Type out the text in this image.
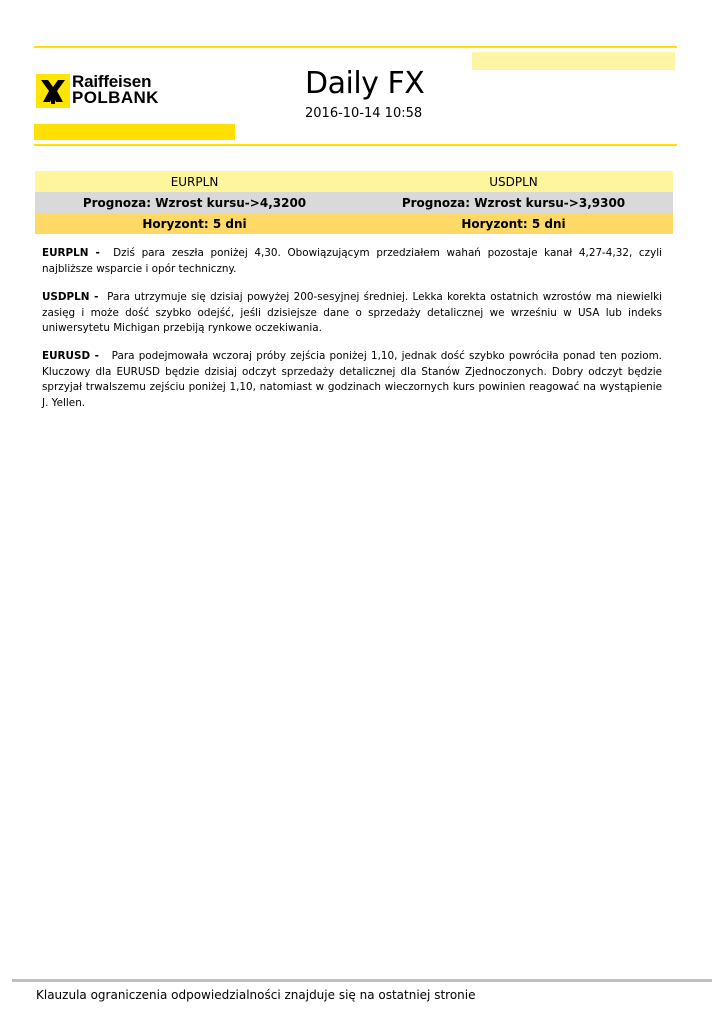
Raiffeisen
POLBANK	Daily FX
2016-10-14 10:58
EURPLN	USDPLN
Prognoza: Wzrost kursu->4,3200	Prognoza: Wzrost kursu->3,9300
Horyzont: 5 dni	Horyzont: 5 dni
EURPLN - Dziś para zeszła poniżej 4,30. Obowiązującym przedziałem wahań pozostaje kanał 4,27-4,32, czyli najbliższe wsparcie i opór techniczny.
USDPLN - Para utrzymuje się dzisiaj powyżej 200-sesyjnej średniej. Lekka korekta ostatnich wzrostów ma niewielki zasięg i może dość szybko odejść, jeśli dzisiejsze dane o sprzedaży detalicznej we wrześniu w USA lub indeks uniwersytetu Michigan przebiją rynkowe oczekiwania.
EURUSD - Para podejmowała wczoraj próby zejścia poniżej 1,10, jednak dość szybko powróciła ponad ten poziom. Kluczowy dla EURUSD będzie dzisiaj odczyt sprzedaży detalicznej dla Stanów Zjednoczonych. Dobry odczyt będzie sprzyjał trwalszemu zejściu poniżej 1,10, natomiast w godzinach wieczornych kurs powinien reagować na wystąpienie J. Yellen.
Klauzula ograniczenia odpowiedzialności znajduje się na ostatniej stronie
